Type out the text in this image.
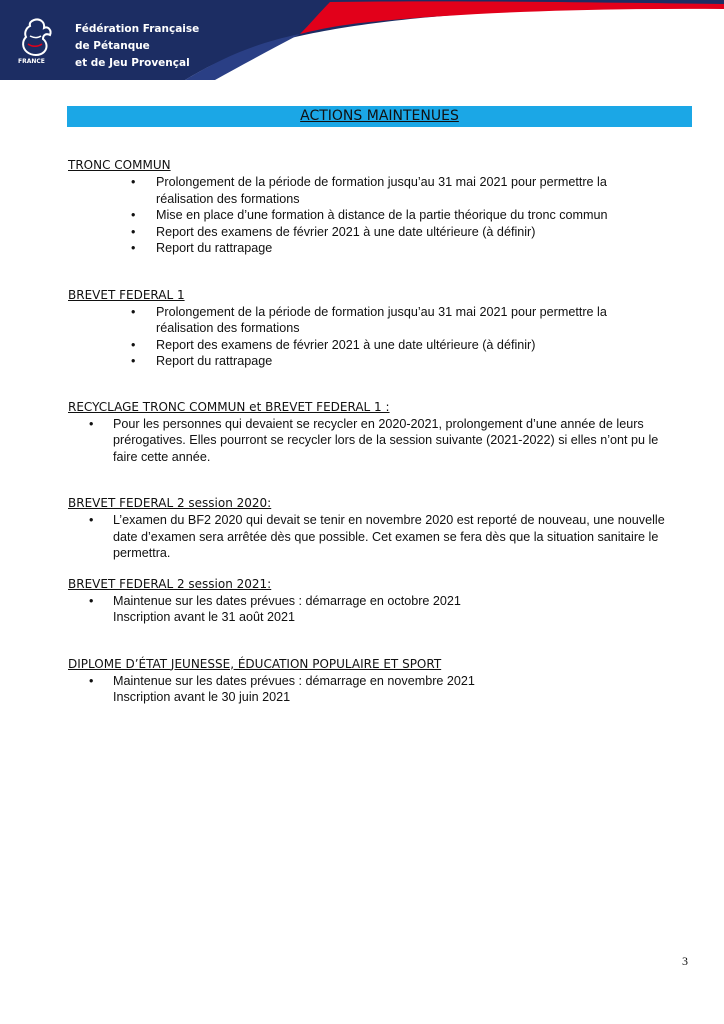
FRANCE
Fédération Française
de Pétanque
et de Jeu Provençal
ACTIONS MAINTENUES
TRONC COMMUN
• Prolongement de la période de formation jusqu’au 31 mai 2021 pour permettre la réalisation des formations
• Mise en place d’une formation à distance de la partie théorique du tronc commun
• Report des examens de février 2021 à une date ultérieure (à définir)
• Report du rattrapage
BREVET FEDERAL 1
• Prolongement de la période de formation jusqu’au 31 mai 2021 pour permettre la réalisation des formations
• Report des examens de février 2021 à une date ultérieure (à définir)
• Report du rattrapage
RECYCLAGE TRONC COMMUN et BREVET FEDERAL 1 :
• Pour les personnes qui devaient se recycler en 2020-2021, prolongement d’une année de leurs prérogatives. Elles pourront se recycler lors de la session suivante (2021-2022) si elles n’ont pu le faire cette année.
BREVET FEDERAL 2 session 2020:
• L’examen du BF2 2020 qui devait se tenir en novembre 2020 est reporté de nouveau, une nouvelle date d’examen sera arrêtée dès que possible. Cet examen se fera dès que la situation sanitaire le permettra.
BREVET FEDERAL 2 session 2021:
• Maintenue sur les dates prévues : démarrage en octobre 2021
Inscription avant le 31 août 2021
DIPLOME D’ÉTAT JEUNESSE, ÉDUCATION POPULAIRE ET SPORT
• Maintenue sur les dates prévues : démarrage en novembre 2021
Inscription avant le 30 juin 2021
3
